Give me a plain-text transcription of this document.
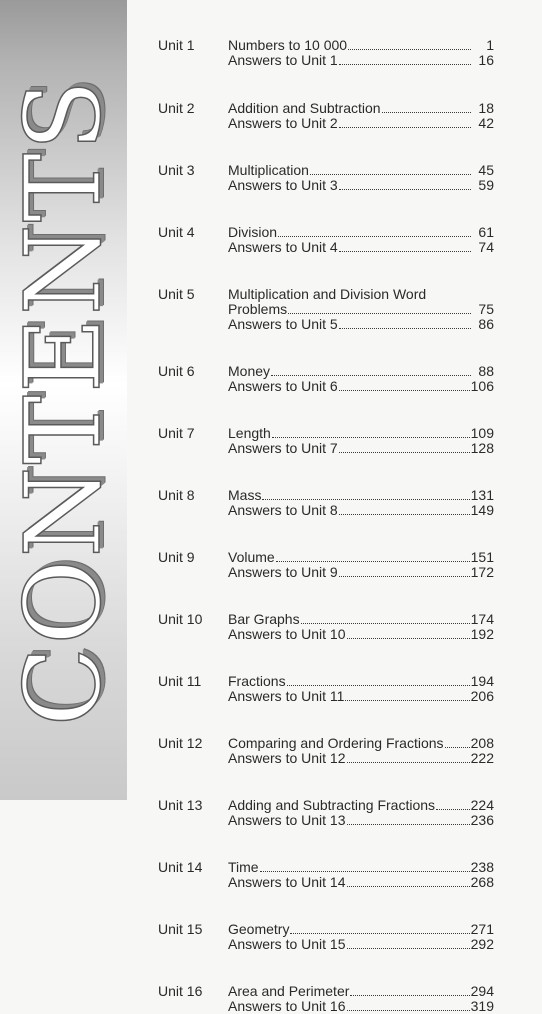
CONTENTS
Unit 1	Numbers to 10 000	1
Answers to Unit 1	16
Unit 2	Addition and Subtraction	18
Answers to Unit 2	42
Unit 3	Multiplication	45
Answers to Unit 3	59
Unit 4	Division	61
Answers to Unit 4	74
Unit 5	Multiplication and Division Word
Problems	75
Answers to Unit 5	86
Unit 6	Money	88
Answers to Unit 6	106
Unit 7	Length	109
Answers to Unit 7	128
Unit 8	Mass	131
Answers to Unit 8	149
Unit 9	Volume	151
Answers to Unit 9	172
Unit 10	Bar Graphs	174
Answers to Unit 10	192
Unit 11	Fractions	194
Answers to Unit 11	206
Unit 12	Comparing and Ordering Fractions 208
Answers to Unit 12	222
Unit 13	Adding and Subtracting Fractions	224
Answers to Unit 13	236
Unit 14	Time	238
Answers to Unit 14	268
Unit 15	Geometry	271
Answers to Unit 15	292
Unit 16	Area and Perimeter	294
Answers to Unit 16	319
